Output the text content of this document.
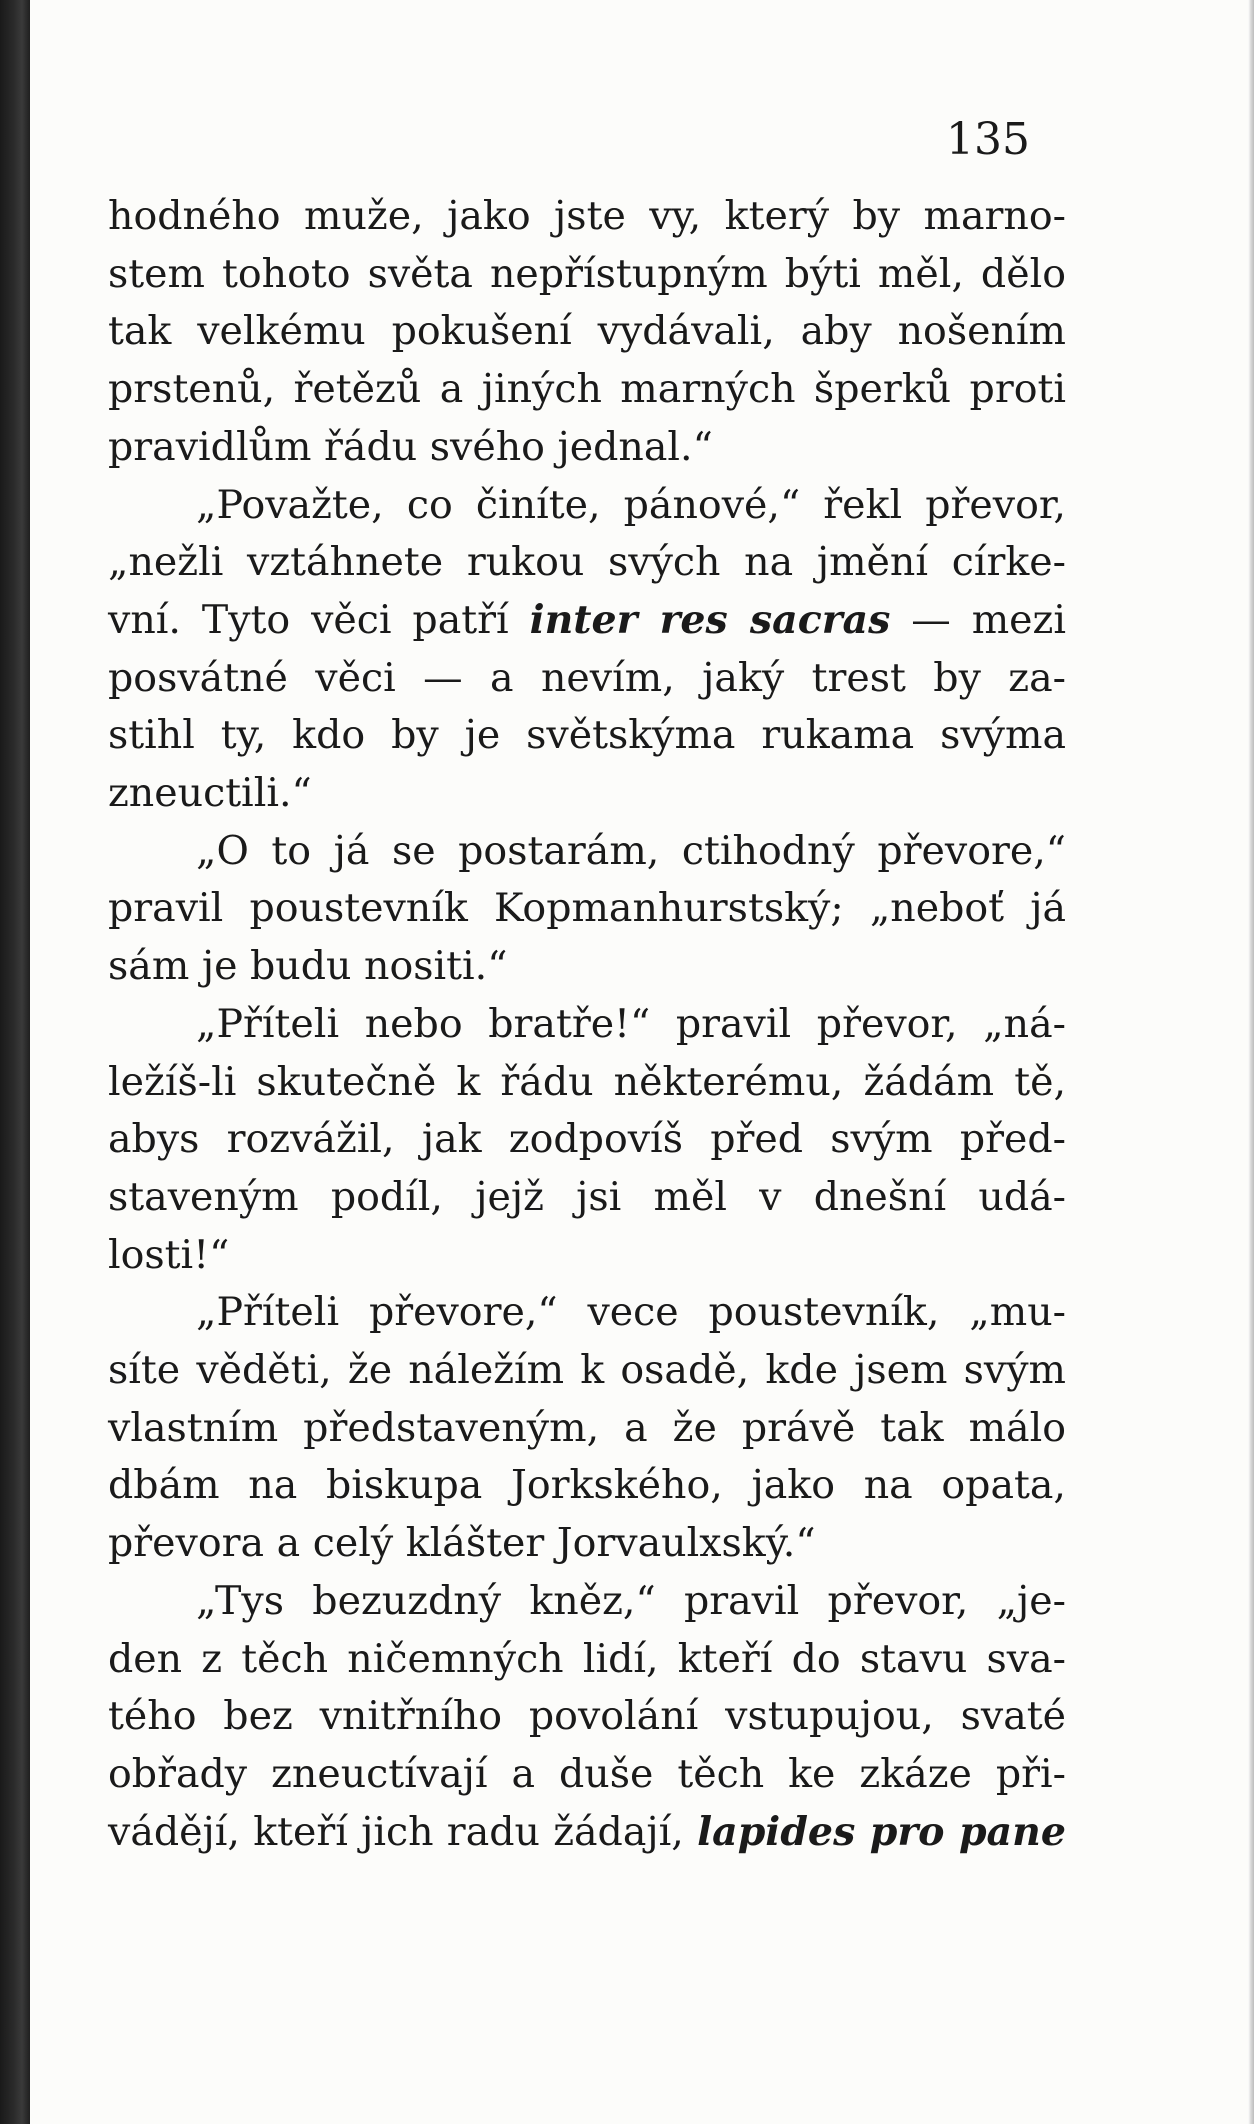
135

hodného muže, jako jste vy, který by marno-
stem tohoto světa nepřístupným býti měl, dělo
tak velkému pokušení vydávali, aby nošením
prstenů, řetězů a jiných marných šperků proti
pravidlům řádu svého jednal.“

„Považte, co činíte, pánové,“ řekl převor,
„nežli vztáhnete rukou svých na jmění círke-
vní. Tyto věci patří inter res sacras — mezi
posvátné věci — a nevím, jaký trest by za-
stihl ty, kdo by je světskýma rukama svýma
zneuctili.“

„O to já se postarám, ctihodný převore,“
pravil poustevník Kopmanhurstský; „neboť já
sám je budu nositi.“

„Příteli nebo bratře!“ pravil převor, „ná-
ležíš-li skutečně k řádu některému, žádám tě,
abys rozvážil, jak zodpovíš před svým před-
staveným podíl, jejž jsi měl v dnešní udá-
losti!“

„Příteli převore,“ vece poustevník, „mu-
síte věděti, že náležím k osadě, kde jsem svým
vlastním představeným, a že právě tak málo
dbám na biskupa Jorkského, jako na opata,
převora a celý klášter Jorvaulxský.“

„Tys bezuzdný kněz,“ pravil převor, „je-
den z těch ničemných lidí, kteří do stavu sva-
tého bez vnitřního povolání vstupujou, svaté
obřady zneuctívají a duše těch ke zkáze při-
vádějí, kteří jich radu žádají, lapides pro pane
